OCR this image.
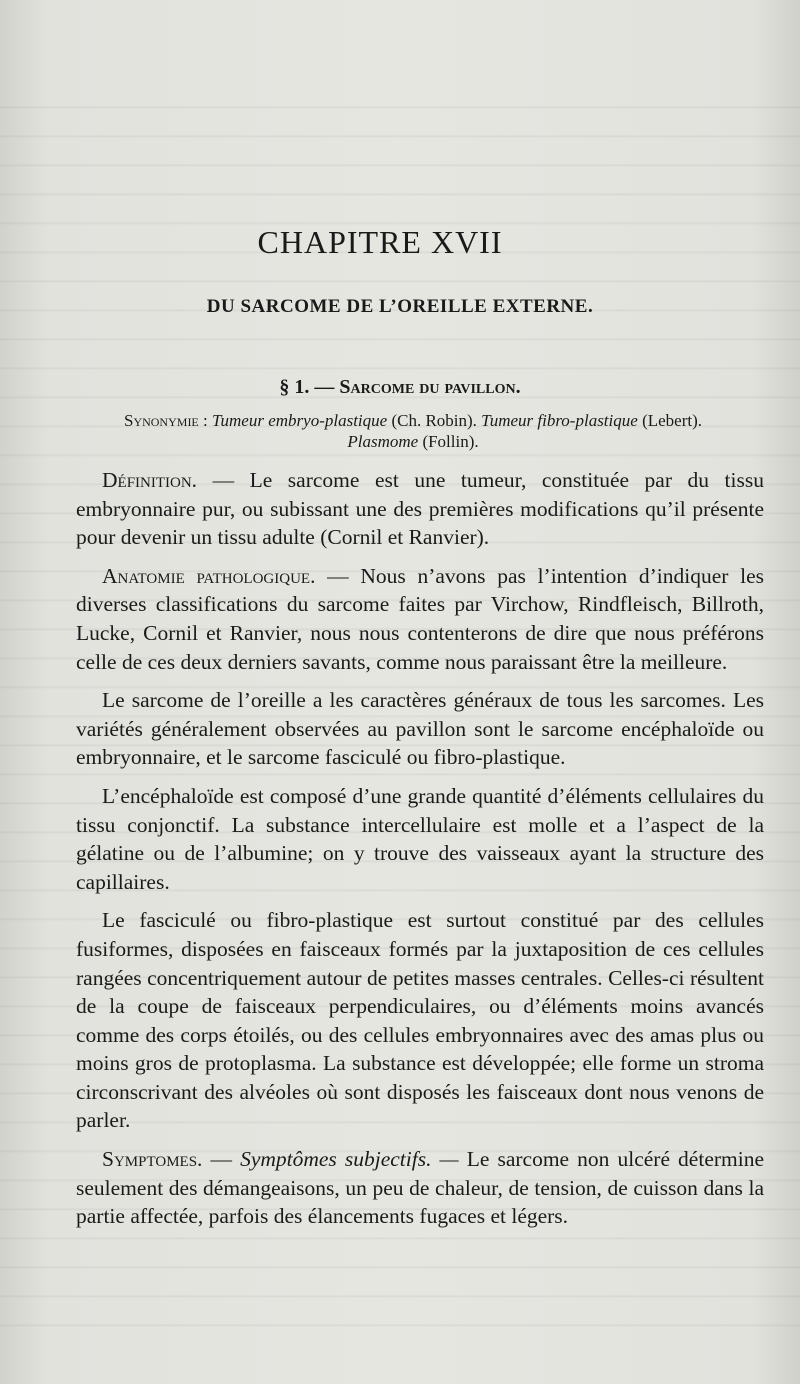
CHAPITRE XVII
DU SARCOME DE L’OREILLE EXTERNE.
§ 1. — Sarcome du pavillon.
Synonymie : Tumeur embryo-plastique (Ch. Robin). Tumeur fibro-plastique (Lebert).
Plasmome (Follin).

Définition. — Le sarcome est une tumeur, constituée par du tissu embryonnaire pur, ou subissant une des premières modifications qu’il présente pour devenir un tissu adulte (Cornil et Ranvier).

Anatomie pathologique. — Nous n’avons pas l’intention d’indiquer les diverses classifications du sarcome faites par Virchow, Rindfleisch, Billroth, Lucke, Cornil et Ranvier, nous nous contenterons de dire que nous préférons celle de ces deux derniers savants, comme nous paraissant être la meilleure.

Le sarcome de l’oreille a les caractères généraux de tous les sarcomes. Les variétés généralement observées au pavillon sont le sarcome encéphaloïde ou embryonnaire, et le sarcome fasciculé ou fibro-plastique.

L’encéphaloïde est composé d’une grande quantité d’éléments cellulaires du tissu conjonctif. La substance intercellulaire est molle et a l’aspect de la gélatine ou de l’albumine; on y trouve des vaisseaux ayant la structure des capillaires.

Le fasciculé ou fibro-plastique est surtout constitué par des cellules fusiformes, disposées en faisceaux formés par la juxtaposition de ces cellules rangées concentriquement autour de petites masses centrales. Celles-ci résultent de la coupe de faisceaux perpendiculaires, ou d’éléments moins avancés comme des corps étoilés, ou des cellules embryonnaires avec des amas plus ou moins gros de protoplasma. La substance est développée; elle forme un stroma circonscrivant des alvéoles où sont disposés les faisceaux dont nous venons de parler.

Symptomes. — Symptômes subjectifs. — Le sarcome non ulcéré détermine seulement des démangeaisons, un peu de chaleur, de tension, de cuisson dans la partie affectée, parfois des élancements fugaces et légers.
